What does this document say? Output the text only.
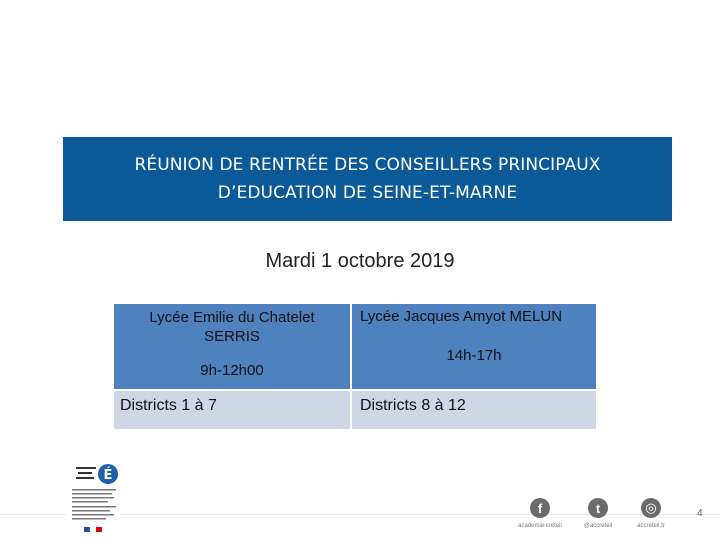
RÉUNION DE RENTRÉE DES CONSEILLERS PRINCIPAUX
D’EDUCATION DE SEINE-ET-MARNE
Mardi 1 octobre 2019
Lycée Emilie du Chatelet
SERRIS
9h-12h00
Lycée Jacques Amyot MELUN
14h-17h
Districts 1 à 7	Districts 8 à 12
É
f
academie.creteil
t
@accreteil
◎
accreteil.fr
4
